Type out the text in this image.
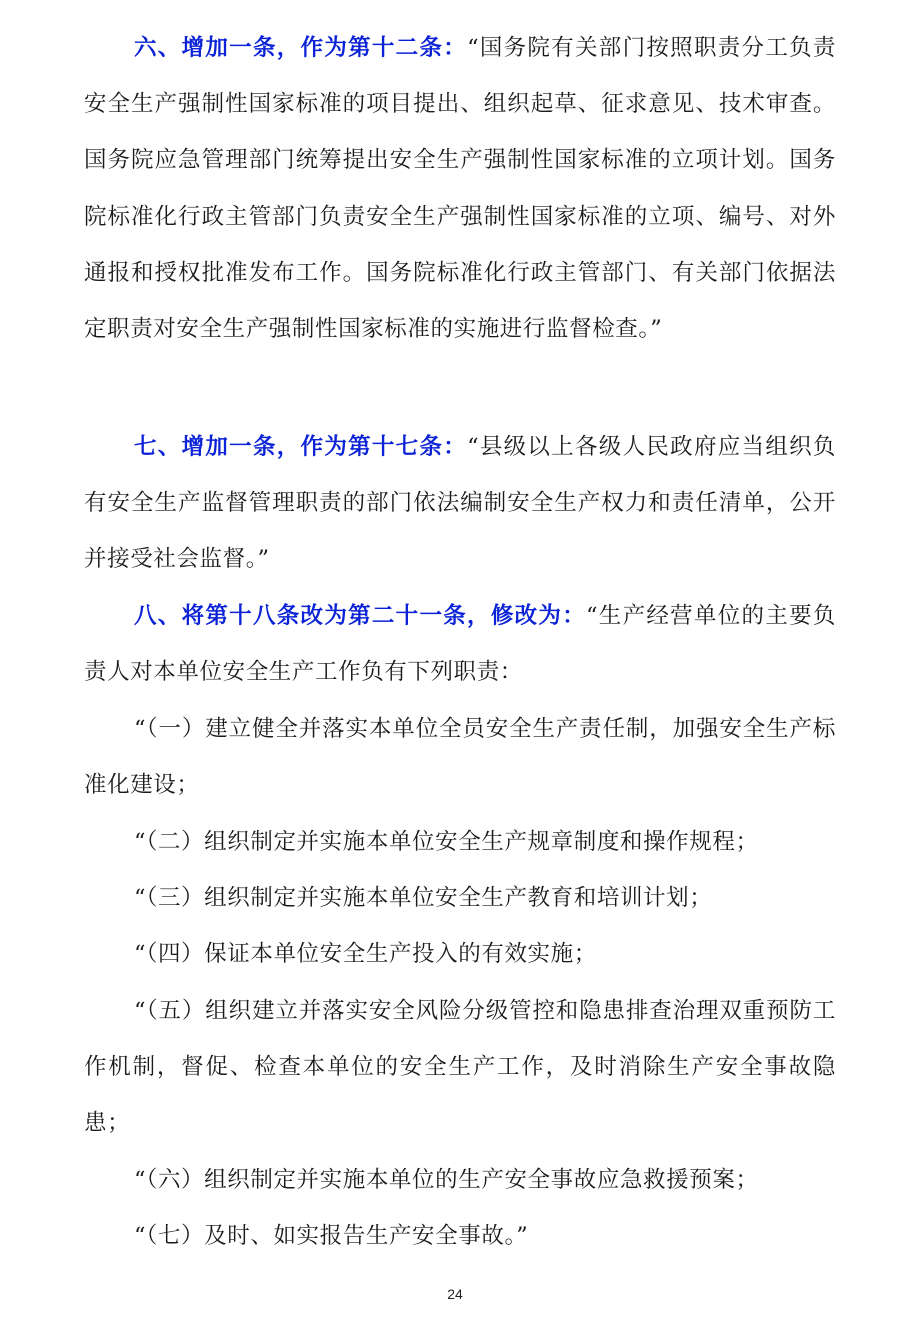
六、增加一条，作为第十二条：“国务院有关部门按照职责分工负责安全生产强制性国家标准的项目提出、组织起草、征求意见、技术审查。国务院应急管理部门统筹提出安全生产强制性国家标准的立项计划。国务院标准化行政主管部门负责安全生产强制性国家标准的立项、编号、对外通报和授权批准发布工作。国务院标准化行政主管部门、有关部门依据法定职责对安全生产强制性国家标准的实施进行监督检查。”

七、增加一条，作为第十七条：“县级以上各级人民政府应当组织负有安全生产监督管理职责的部门依法编制安全生产权力和责任清单，公开并接受社会监督。”

八、将第十八条改为第二十一条，修改为：“生产经营单位的主要负责人对本单位安全生产工作负有下列职责：

“（一）建立健全并落实本单位全员安全生产责任制，加强安全生产标准化建设；

“（二）组织制定并实施本单位安全生产规章制度和操作规程；

“（三）组织制定并实施本单位安全生产教育和培训计划；

“（四）保证本单位安全生产投入的有效实施；

“（五）组织建立并落实安全风险分级管控和隐患排查治理双重预防工作机制，督促、检查本单位的安全生产工作，及时消除生产安全事故隐患；

“（六）组织制定并实施本单位的生产安全事故应急救援预案；

“（七）及时、如实报告生产安全事故。”

24
